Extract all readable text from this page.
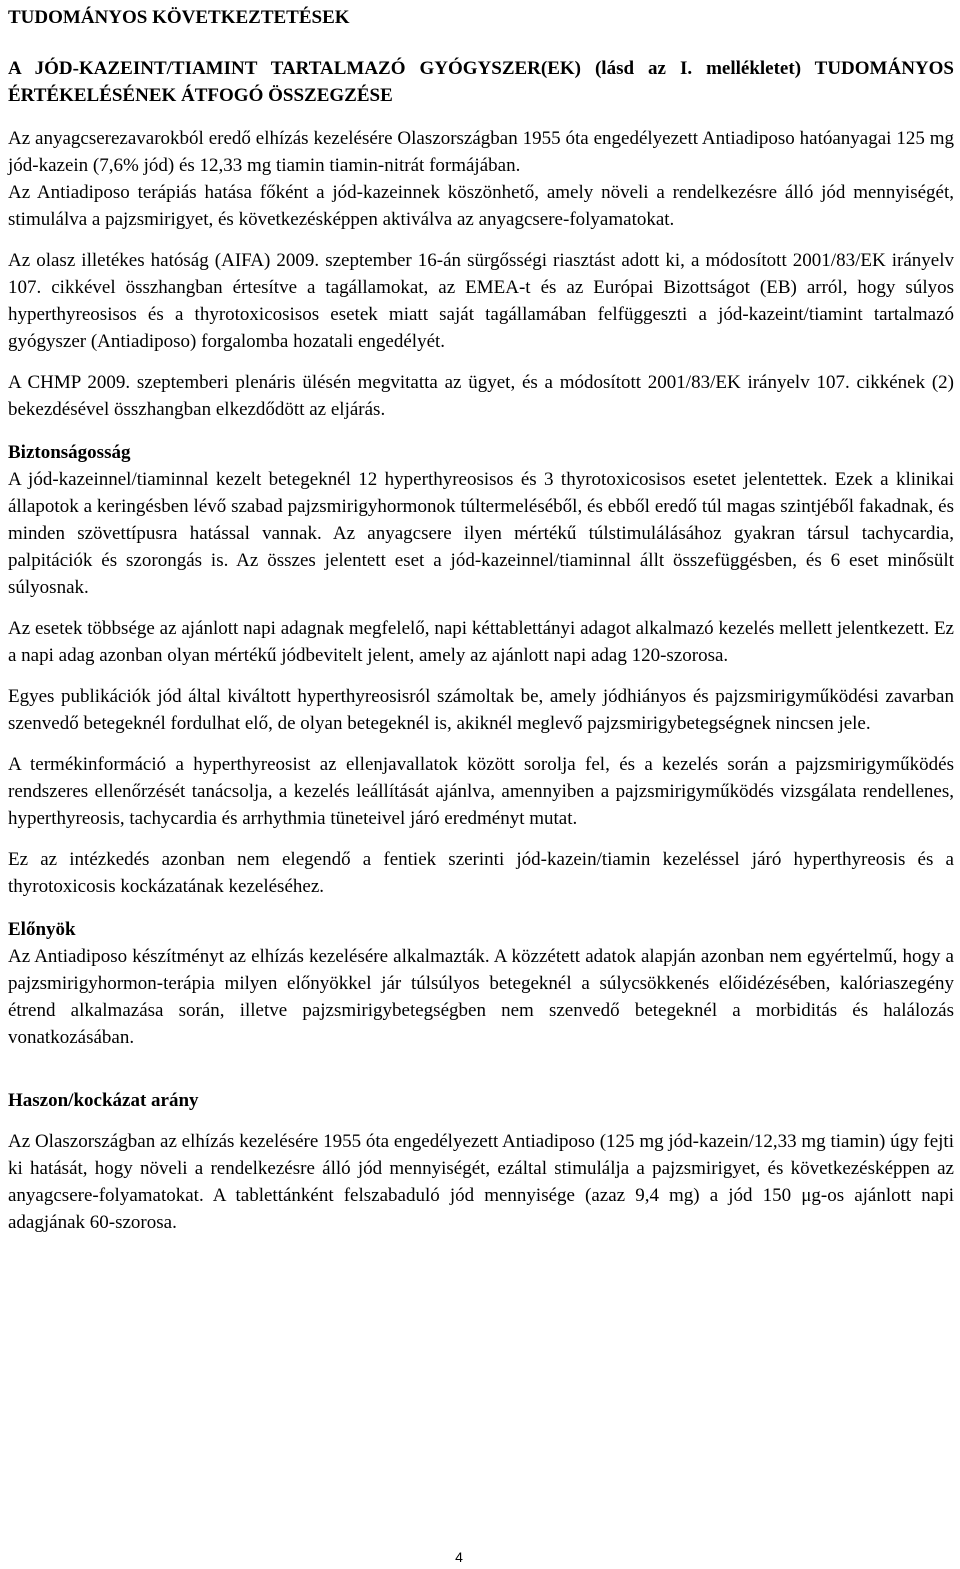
TUDOMÁNYOS KÖVETKEZTETÉSEK
A JÓD-KAZEINT/TIAMINT TARTALMAZÓ GYÓGYSZER(EK) (lásd az I. mellékletet) TUDOMÁNYOS ÉRTÉKELÉSÉNEK ÁTFOGÓ ÖSSZEGZÉSE

Az anyagcserezavarokból eredő elhízás kezelésére Olaszországban 1955 óta engedélyezett Antiadiposo hatóanyagai 125 mg jód-kazein (7,6% jód) és 12,33 mg tiamin tiamin-nitrát formájában.

Az Antiadiposo terápiás hatása főként a jód-kazeinnek köszönhető, amely növeli a rendelkezésre álló jód mennyiségét, stimulálva a pajzsmirigyet, és következésképpen aktiválva az anyagcsere-folyamatokat.

Az olasz illetékes hatóság (AIFA) 2009. szeptember 16-án sürgősségi riasztást adott ki, a módosított 2001/83/EK irányelv 107. cikkével összhangban értesítve a tagállamokat, az EMEA-t és az Európai Bizottságot (EB) arról, hogy súlyos hyperthyreosisos és a thyrotoxicosisos esetek miatt saját tagállamában felfüggeszti a jód-kazeint/tiamint tartalmazó gyógyszer (Antiadiposo) forgalomba hozatali engedélyét.

A CHMP 2009. szeptemberi plenáris ülésén megvitatta az ügyet, és a módosított 2001/83/EK irányelv 107. cikkének (2) bekezdésével összhangban elkezdődött az eljárás.

Biztonságosság

A jód-kazeinnel/tiaminnal kezelt betegeknél 12 hyperthyreosisos és 3 thyrotoxicosisos esetet jelentettek. Ezek a klinikai állapotok a keringésben lévő szabad pajzsmirigyhormonok túltermeléséből, és ebből eredő túl magas szintjéből fakadnak, és minden szövettípusra hatással vannak. Az anyagcsere ilyen mértékű túlstimulálásához gyakran társul tachycardia, palpitációk és szorongás is. Az összes jelentett eset a jód-kazeinnel/tiaminnal állt összefüggésben, és 6 eset minősült súlyosnak.

Az esetek többsége az ajánlott napi adagnak megfelelő, napi kéttablettányi adagot alkalmazó kezelés mellett jelentkezett. Ez a napi adag azonban olyan mértékű jódbevitelt jelent, amely az ajánlott napi adag 120-szorosa.

Egyes publikációk jód által kiváltott hyperthyreosisról számoltak be, amely jódhiányos és pajzsmirigyműködési zavarban szenvedő betegeknél fordulhat elő, de olyan betegeknél is, akiknél meglevő pajzsmirigybetegségnek nincsen jele.

A termékinformáció a hyperthyreosist az ellenjavallatok között sorolja fel, és a kezelés során a pajzsmirigyműködés rendszeres ellenőrzését tanácsolja, a kezelés leállítását ajánlva, amennyiben a pajzsmirigyműködés vizsgálata rendellenes, hyperthyreosis, tachycardia és arrhythmia tüneteivel járó eredményt mutat.

Ez az intézkedés azonban nem elegendő a fentiek szerinti jód-kazein/tiamin kezeléssel járó hyperthyreosis és a thyrotoxicosis kockázatának kezeléséhez.

Előnyök

Az Antiadiposo készítményt az elhízás kezelésére alkalmazták. A közzétett adatok alapján azonban nem egyértelmű, hogy a pajzsmirigyhormon-terápia milyen előnyökkel jár túlsúlyos betegeknél a súlycsökkenés előidézésében, kalóriaszegény étrend alkalmazása során, illetve pajzsmirigybetegségben nem szenvedő betegeknél a morbiditás és halálozás vonatkozásában.

Haszon/kockázat arány

Az Olaszországban az elhízás kezelésére 1955 óta engedélyezett Antiadiposo (125 mg jód-kazein/12,33 mg tiamin) úgy fejti ki hatását, hogy növeli a rendelkezésre álló jód mennyiségét, ezáltal stimulálja a pajzsmirigyet, és következésképpen az anyagcsere-folyamatokat. A tablettánként felszabaduló jód mennyisége (azaz 9,4 mg) a jód 150 μg-os ajánlott napi adagjának 60-szorosa.

4
